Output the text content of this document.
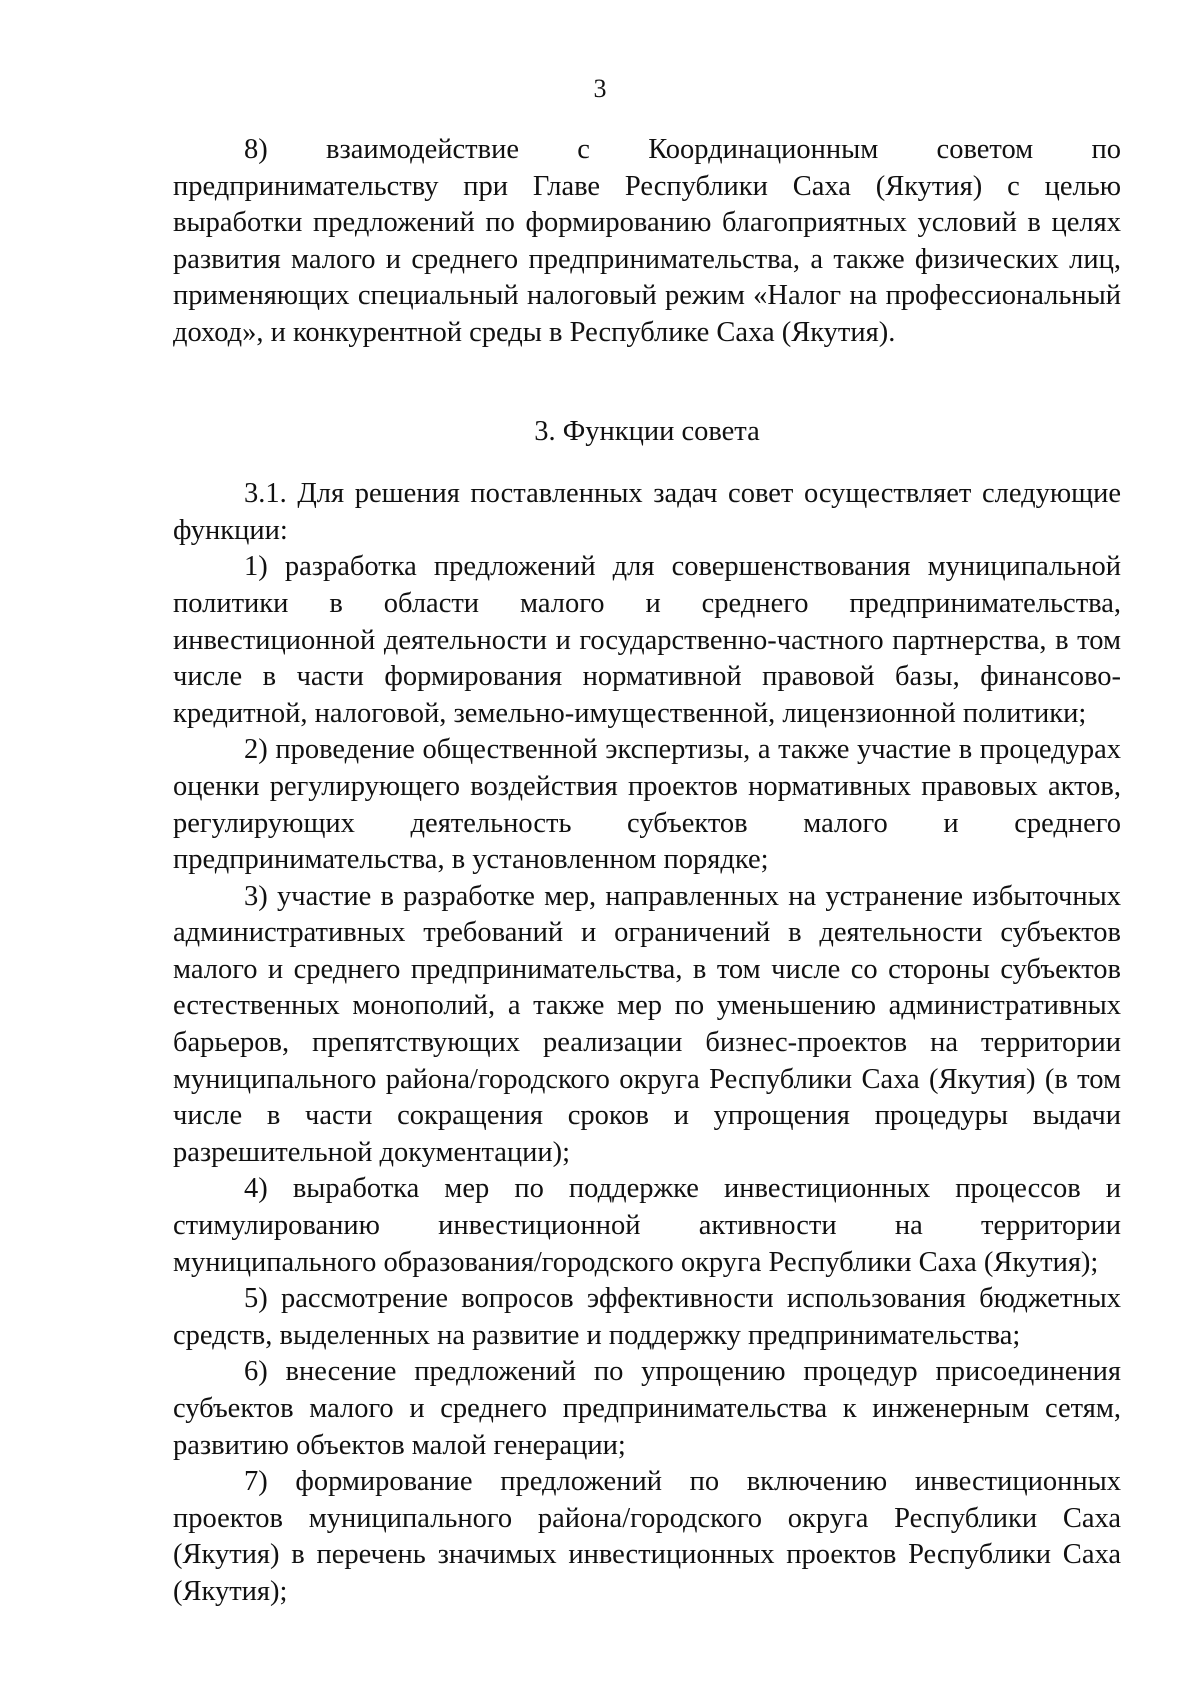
3

8) взаимодействие с Координационным советом по предпринимательству при Главе Республики Саха (Якутия) с целью выработки предложений по формированию благоприятных условий в целях развития малого и среднего предпринимательства, а также физических лиц, применяющих специальный налоговый режим «Налог на профессиональный доход», и конкурентной среды в Республике Саха (Якутия).

3. Функции совета

3.1. Для решения поставленных задач совет осуществляет следующие функции:

1) разработка предложений для совершенствования муниципальной политики в области малого и среднего предпринимательства, инвестиционной деятельности и государственно-частного партнерства, в том числе в части формирования нормативной правовой базы, финансово-кредитной, налоговой, земельно-имущественной, лицензионной политики;

2) проведение общественной экспертизы, а также участие в процедурах оценки регулирующего воздействия проектов нормативных правовых актов, регулирующих деятельность субъектов малого и среднего предпринимательства, в установленном порядке;

3) участие в разработке мер, направленных на устранение избыточных административных требований и ограничений в деятельности субъектов малого и среднего предпринимательства, в том числе со стороны субъектов естественных монополий, а также мер по уменьшению административных барьеров, препятствующих реализации бизнес-проектов на территории муниципального района/городского округа Республики Саха (Якутия) (в том числе в части сокращения сроков и упрощения процедуры выдачи разрешительной документации);

4) выработка мер по поддержке инвестиционных процессов и стимулированию инвестиционной активности на территории муниципального образования/городского округа Республики Саха (Якутия);

5) рассмотрение вопросов эффективности использования бюджетных средств, выделенных на развитие и поддержку предпринимательства;

6) внесение предложений по упрощению процедур присоединения субъектов малого и среднего предпринимательства к инженерным сетям, развитию объектов малой генерации;

7) формирование предложений по включению инвестиционных проектов муниципального района/городского округа Республики Саха (Якутия) в перечень значимых инвестиционных проектов Республики Саха (Якутия);
